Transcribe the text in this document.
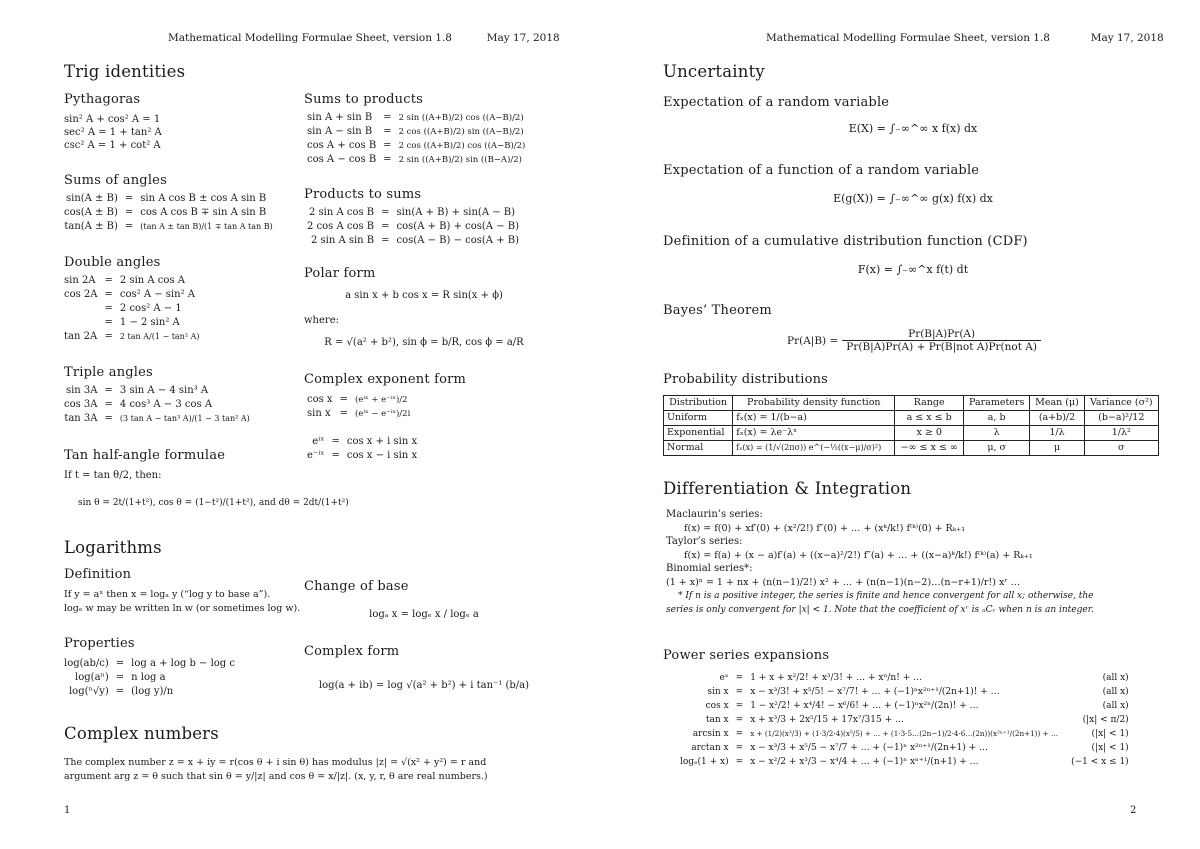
Mathematical Modelling Formulae Sheet, version 1.8	May 17, 2018
Trig identities
Pythagoras
sin² A + cos² A = 1
sec² A = 1 + tan² A
csc² A = 1 + cot² A
Sums of angles
sin(A ± B)	=	sin A cos B ± cos A sin B
cos(A ± B)	=	cos A cos B ∓ sin A sin B
tan(A ± B)	=	(tan A ± tan B)/(1 ∓ tan A tan B)
Double angles
sin 2A	=	2 sin A cos A
cos 2A	=	cos² A − sin² A
	=	2 cos² A − 1
	=	1 − 2 sin² A
tan 2A	=	2 tan A/(1 − tan² A)
Triple angles
sin 3A	=	3 sin A − 4 sin³ A
cos 3A	=	4 cos³ A − 3 cos A
tan 3A	=	(3 tan A − tan³ A)/(1 − 3 tan² A)
Tan half-angle formulae
If t = tan θ/2, then:
sin θ = 2t/(1+t²), cos θ = (1−t²)/(1+t²), and dθ = 2dt/(1+t²)
Sums to products
sin A + sin B	=	2 sin ((A+B)/2) cos ((A−B)/2)
sin A − sin B	=	2 cos ((A+B)/2) sin ((A−B)/2)
cos A + cos B	=	2 cos ((A+B)/2) cos ((A−B)/2)
cos A − cos B	=	2 sin ((A+B)/2) sin ((B−A)/2)
Products to sums
2 sin A cos B	=	sin(A + B) + sin(A − B)
2 cos A cos B	=	cos(A + B) + cos(A − B)
2 sin A sin B	=	cos(A − B) − cos(A + B)
Polar form
a sin x + b cos x = R sin(x + ϕ)
where:
R = √(a² + b²), sin ϕ = b/R, cos ϕ = a/R
Complex exponent form
cos x	=	(eⁱˣ + e⁻ⁱˣ)/2
sin x	=	(eⁱˣ − e⁻ⁱˣ)/2i
eⁱˣ	=	cos x + i sin x
e⁻ⁱˣ	=	cos x − i sin x
Logarithms
Definition
If y = aˣ then x = logₐ y (“log y to base a”).
logₑ w may be written ln w (or sometimes log w).
Change of base
logₐ x = logₑ x / logₑ a
Properties
log(ab/c)	=	log a + log b − log c
log(aⁿ)	=	n log a
log(ⁿ√y)	=	(log y)/n
Complex form
log(a + ib) = log √(a² + b²) + i tan⁻¹ (b/a)
Complex numbers
The complex number z = x + iy = r(cos θ + i sin θ) has modulus |z| = √(x² + y²) = r and
argument arg z = θ such that sin θ = y/|z| and cos θ = x/|z|. (x, y, r, θ are real numbers.)
1
Mathematical Modelling Formulae Sheet, version 1.8	May 17, 2018
Uncertainty
Expectation of a random variable
E(X) = ∫₋∞^∞ x f(x) dx
Expectation of a function of a random variable
E(g(X)) = ∫₋∞^∞ g(x) f(x) dx
Definition of a cumulative distribution function (CDF)
F(x) = ∫₋∞^x f(t) dt
Bayes’ Theorem
Pr(A|B) =
Pr(B|A)Pr(A)
Pr(B|A)Pr(A) + Pr(B|not A)Pr(not A)
Probability distributions
Distribution	Probability density function	Range	Parameters	Mean (μ)	Variance (σ²)
Uniform	fₓ(x) = 1/(b−a)	a ≤ x ≤ b	a, b	(a+b)/2	(b−a)²/12
Exponential	fₓ(x) = λe⁻λˣ	x ≥ 0	λ	1/λ	1/λ²
Normal	fₓ(x) = (1/√(2πσ)) e^(−½((x−μ)/σ)²)	−∞ ≤ x ≤ ∞	μ, σ	μ	σ
Differentiation & Integration
Maclaurin’s series:
f(x) = f(0) + xf′(0) + (x²/2!) f″(0) + … + (xᵏ/k!) f⁽ᵏ⁾(0) + Rₖ₊₁
Taylor’s series:
f(x) = f(a) + (x − a)f′(a) + ((x−a)²/2!) f″(a) + … + ((x−a)ᵏ/k!) f⁽ᵏ⁾(a) + Rₖ₊₁
Binomial series*:
(1 + x)ⁿ = 1 + nx + (n(n−1)/2!) x² + … + (n(n−1)(n−2)…(n−r+1)/r!) xʳ …
* If n is a positive integer, the series is finite and hence convergent for all x; otherwise, the
series is only convergent for |x| < 1. Note that the coefficient of xʳ is ₙCᵣ when n is an integer.
Power series expansions
eˣ	=	1 + x + x²/2! + x³/3! + … + xⁿ/n! + …	(all x)
sin x	=	x − x³/3! + x⁵/5! − x⁷/7! + … + (−1)ⁿx²ⁿ⁺¹/(2n+1)! + …	(all x)
cos x	=	1 − x²/2! + x⁴/4! − x⁶/6! + … + (−1)ⁿx²ⁿ/(2n)! + …	(all x)
tan x	=	x + x³/3 + 2x⁵/15 + 17x⁷/315 + …	(|x| < π/2)
arcsin x	=	x + (1/2)(x³/3) + (1·3/2·4)(x⁵/5) + … + (1·3·5…(2n−1)/2·4·6…(2n))(x²ⁿ⁺¹/(2n+1)) + …	(|x| < 1)
arctan x	=	x − x³/3 + x⁵/5 − x⁷/7 + … + (−1)ⁿ x²ⁿ⁺¹/(2n+1) + …	(|x| < 1)
logₑ(1 + x)	=	x − x²/2 + x³/3 − x⁴/4 + … + (−1)ⁿ xⁿ⁺¹/(n+1) + …	(−1 < x ≤ 1)
2
